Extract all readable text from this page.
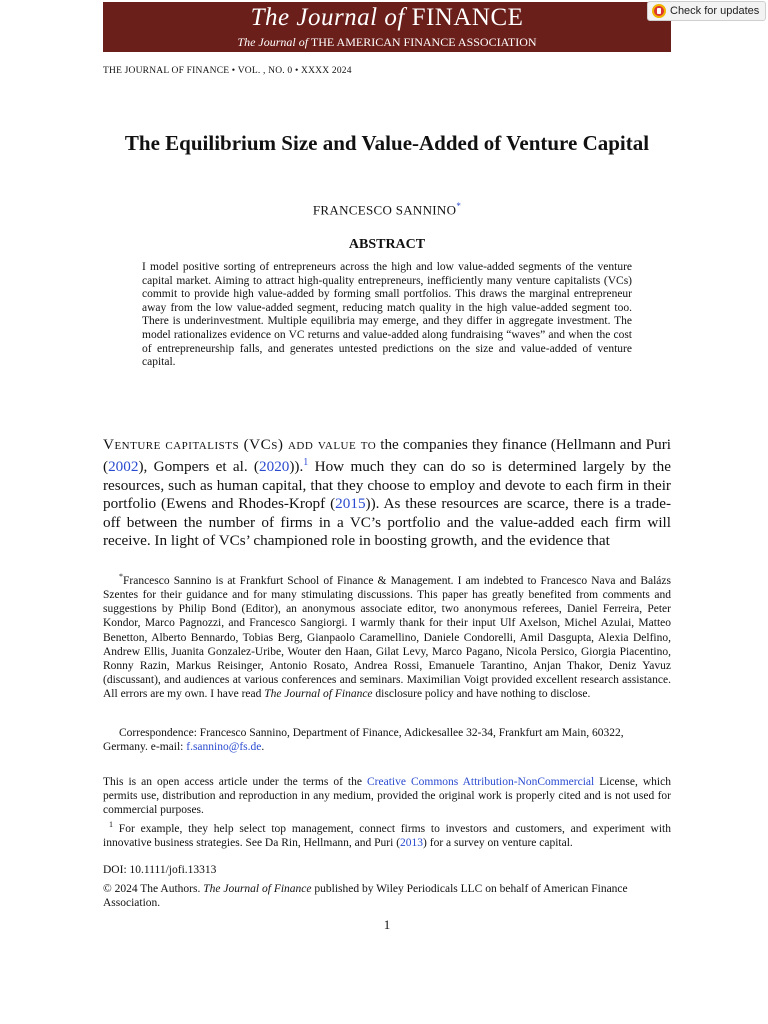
The Journal of FINANCE
The Journal of THE AMERICAN FINANCE ASSOCIATION
Check for updates
THE JOURNAL OF FINANCE • VOL. , NO. 0 • XXXX 2024
The Equilibrium Size and Value-Added of Venture Capital
FRANCESCO SANNINO*
ABSTRACT
I model positive sorting of entrepreneurs across the high and low value-added segments of the venture capital market. Aiming to attract high-quality entrepreneurs, inefficiently many venture capitalists (VCs) commit to provide high value-added by forming small portfolios. This draws the marginal entrepreneur away from the low value-added segment, reducing match quality in the high value-added segment too. There is underinvestment. Multiple equilibria may emerge, and they differ in aggregate investment. The model rationalizes evidence on VC returns and value-added along fundraising “waves” and when the cost of entrepreneurship falls, and generates untested predictions on the size and value-added of venture capital.
Venture capitalists (VCs) add value to the companies they finance (Hellmann and Puri (2002), Gompers et al. (2020)).$^1$ How much they can do so is determined largely by the resources, such as human capital, that they choose to employ and devote to each firm in their portfolio (Ewens and Rhodes-Kropf (2015)). As these resources are scarce, there is a trade-off between the number of firms in a VC’s portfolio and the value-added each firm will receive. In light of VCs’ championed role in boosting growth, and the evidence that
*Francesco Sannino is at Frankfurt School of Finance & Management. I am indebted to Francesco Nava and Balázs Szentes for their guidance and for many stimulating discussions. This paper has greatly benefited from comments and suggestions by Philip Bond (Editor), an anonymous associate editor, two anonymous referees, Daniel Ferreira, Peter Kondor, Marco Pagnozzi, and Francesco Sangiorgi. I warmly thank for their input Ulf Axelson, Michel Azulai, Matteo Benetton, Alberto Bennardo, Tobias Berg, Gianpaolo Caramellino, Daniele Condorelli, Amil Dasgupta, Alexia Delfino, Andrew Ellis, Juanita Gonzalez-Uribe, Wouter den Haan, Gilat Levy, Marco Pagano, Nicola Persico, Giorgia Piacentino, Ronny Razin, Markus Reisinger, Antonio Rosato, Andrea Rossi, Emanuele Tarantino, Anjan Thakor, Deniz Yavuz (discussant), and audiences at various conferences and seminars. Maximilian Voigt provided excellent research assistance. All errors are my own. I have read The Journal of Finance disclosure policy and have nothing to disclose.
Correspondence: Francesco Sannino, Department of Finance, Adickesallee 32-34, Frankfurt am Main, 60322, Germany. e-mail: f.sannino@fs.de.
This is an open access article under the terms of the Creative Commons Attribution-NonCommercial License, which permits use, distribution and reproduction in any medium, provided the original work is properly cited and is not used for commercial purposes.
$^1$ For example, they help select top management, connect firms to investors and customers, and experiment with innovative business strategies. See Da Rin, Hellmann, and Puri (2013) for a survey on venture capital.
DOI: 10.1111/jofi.13313
© 2024 The Authors. The Journal of Finance published by Wiley Periodicals LLC on behalf of American Finance Association.
1
